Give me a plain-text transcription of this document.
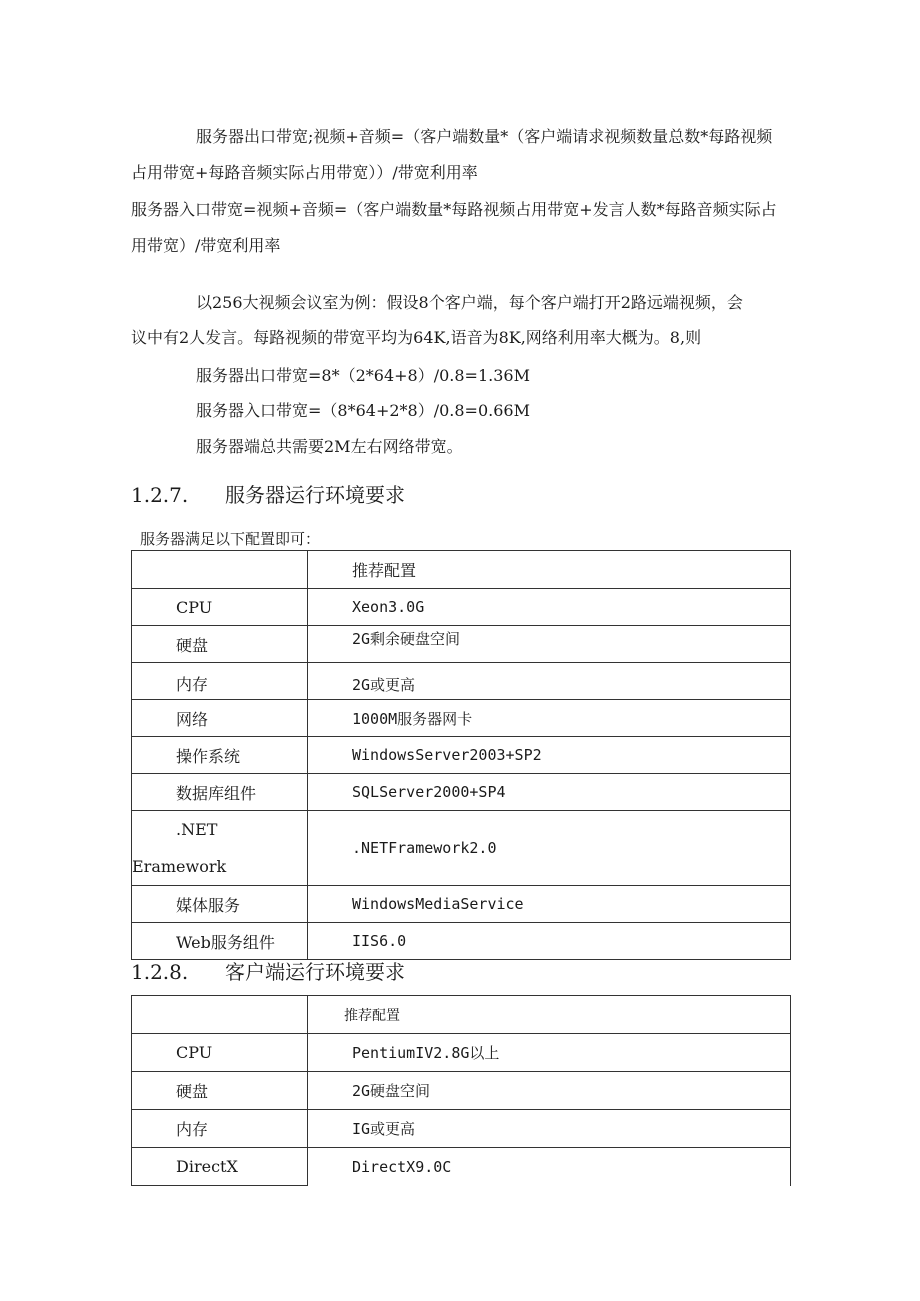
服务器出口带宽;视频+音频=（客户端数量*（客户端请求视频数量总数*每路视频
占用带宽+每路音频实际占用带宽））/带宽利用率
服务器入口带宽=视频+音频=（客户端数量*每路视频占用带宽+发言人数*每路音频实际占
用带宽）/带宽利用率
以256大视频会议室为例：假设8个客户端，每个客户端打开2路远端视频，会
议中有2人发言。每路视频的带宽平均为64K,语音为8K,网络利用率大概为。8,则
服务器出口带宽=8*（2*64+8）/0.8=1.36M
服务器入口带宽=（8*64+2*8）/0.8=0.66M
服务器端总共需要2M左右网络带宽。
1.2.7. 服务器运行环境要求
服务器满足以下配置即可：
	推荐配置
CPU	Xeon3.0G
硬盘	2G剩余硬盘空间
内存	2G或更高
网络	1000M服务器网卡
操作系统	WindowsServer2003+SP2
数据库组件	SQLServer2000+SP4

.NET
Eramework	.NETFramework2.0
媒体服务	WindowsMediaService
Web服务组件	IIS6.0
1.2.8. 客户端运行环境要求
	推荐配置
CPU	PentiumIV2.8G以上
硬盘	2G硬盘空间
内存	IG或更高
DirectX	DirectX9.0C
